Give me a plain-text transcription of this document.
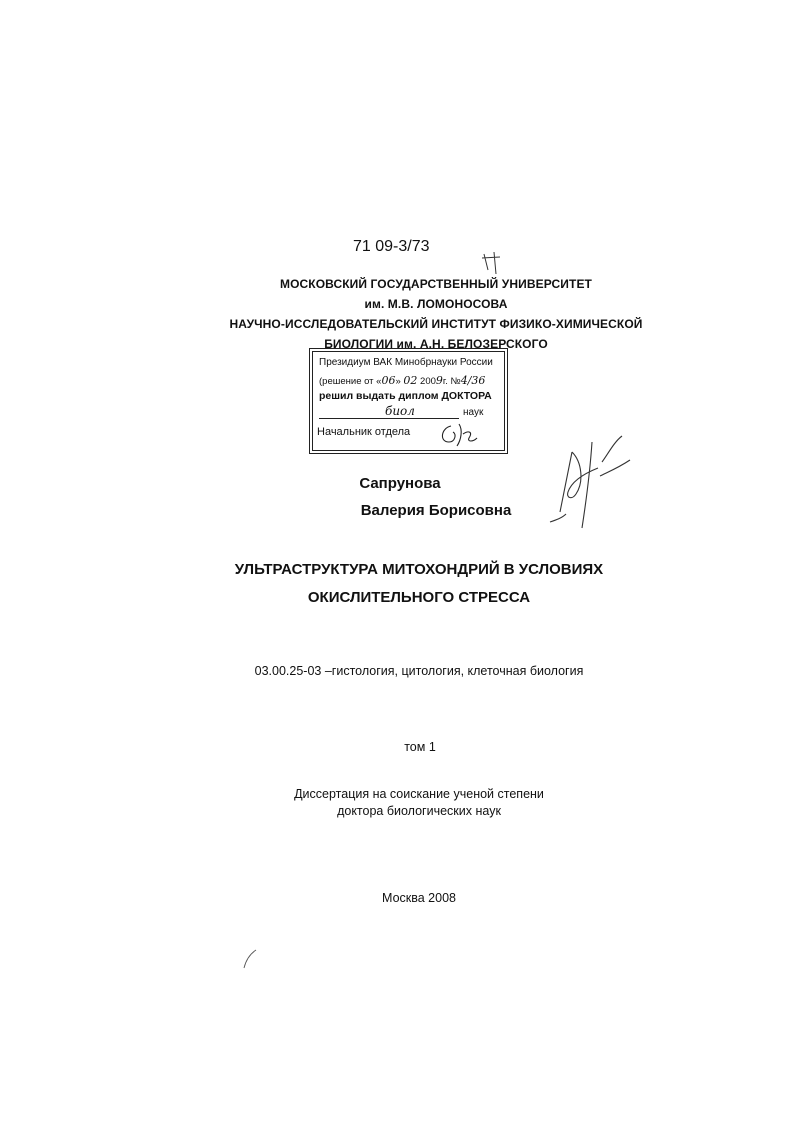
71 09-3/73
МОСКОВСКИЙ ГОСУДАРСТВЕННЫЙ УНИВЕРСИТЕТ
им. М.В. ЛОМОНОСОВА
НАУЧНО-ИССЛЕДОВАТЕЛЬСКИЙ ИНСТИТУТ ФИЗИКО-ХИМИЧЕСКОЙ
БИОЛОГИИ им. А.Н. БЕЛОЗЕРСКОГО
Президиум ВАК Минобрнауки России
(решение от «06» 02 2009г. №4/36
решил выдать диплом ДОКТОРА
биол	наук
Начальник отдела
Сапрунова
Валерия Борисовна
УЛЬТРАСТРУКТУРА МИТОХОНДРИЙ В УСЛОВИЯХ
ОКИСЛИТЕЛЬНОГО СТРЕССА
03.00.25-03 –гистология, цитология, клеточная биология
том 1
Диссертация на соискание ученой степени
доктора биологических наук
Москва 2008
